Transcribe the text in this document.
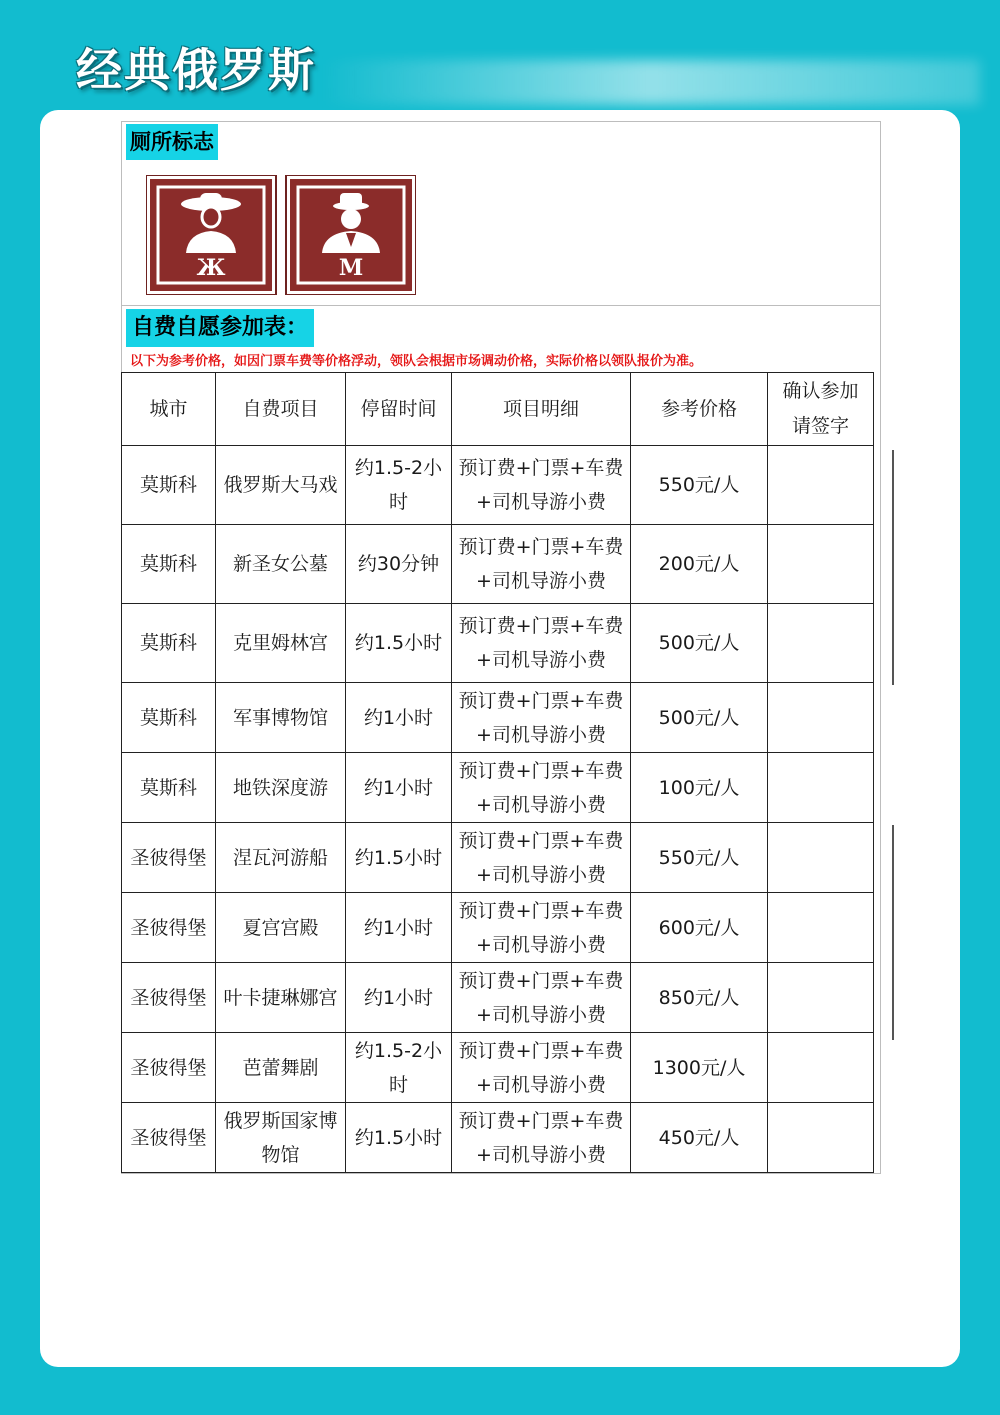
经典俄罗斯
厕所标志
Ж	М
自费自愿参加表：
以下为参考价格，如因门票车费等价格浮动，领队会根据市场调动价格，实际价格以领队报价为准。
城市	自费项目	停留时间	项目明细	参考价格	确认参加请签字
莫斯科	俄罗斯大马戏	约1.5-2小时	预订费+门票+车费+司机导游小费	550元/人	
莫斯科	新圣女公墓	约30分钟	预订费+门票+车费+司机导游小费	200元/人	
莫斯科	克里姆林宫	约1.5小时	预订费+门票+车费+司机导游小费	500元/人	
莫斯科	军事博物馆	约1小时	预订费+门票+车费+司机导游小费	500元/人	
莫斯科	地铁深度游	约1小时	预订费+门票+车费+司机导游小费	100元/人	
圣彼得堡	涅瓦河游船	约1.5小时	预订费+门票+车费+司机导游小费	550元/人	
圣彼得堡	夏宫宫殿	约1小时	预订费+门票+车费+司机导游小费	600元/人	
圣彼得堡	叶卡捷琳娜宫	约1小时	预订费+门票+车费+司机导游小费	850元/人	
圣彼得堡	芭蕾舞剧	约1.5-2小时	预订费+门票+车费+司机导游小费	1300元/人	
圣彼得堡	俄罗斯国家博物馆	约1.5小时	预订费+门票+车费+司机导游小费	450元/人	
